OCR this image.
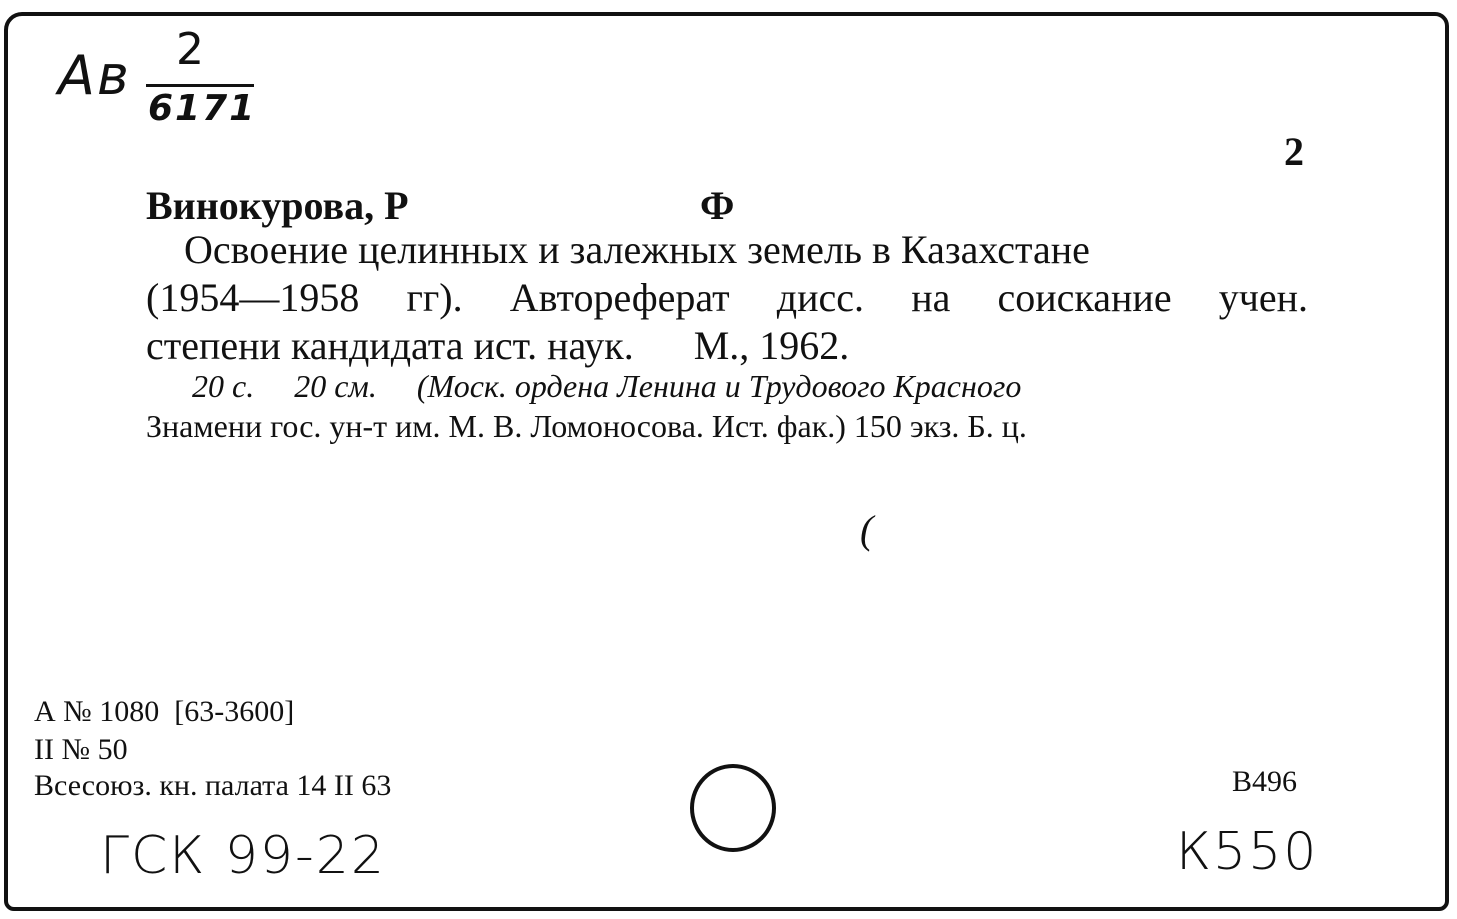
Ав 2
6171
2
Винокурова, Р	Ф
Освоение целинных и залежных земель в Казахстане
(1954—1958 гг). Автореферат дисс. на соискание учен.
степени кандидата ист. наук.      М., 1962.
20 с.     20 см.     (Моск. ордена Ленина и Трудового Красного
Знамени гос. ун-т им. М. В. Ломоносова. Ист. фак.) 150 экз. Б. ц.
(
А № 1080  [63-3600]
II № 50
Всесоюз. кн. палата 14 II 63	В496
ГСК 99-22	К550
